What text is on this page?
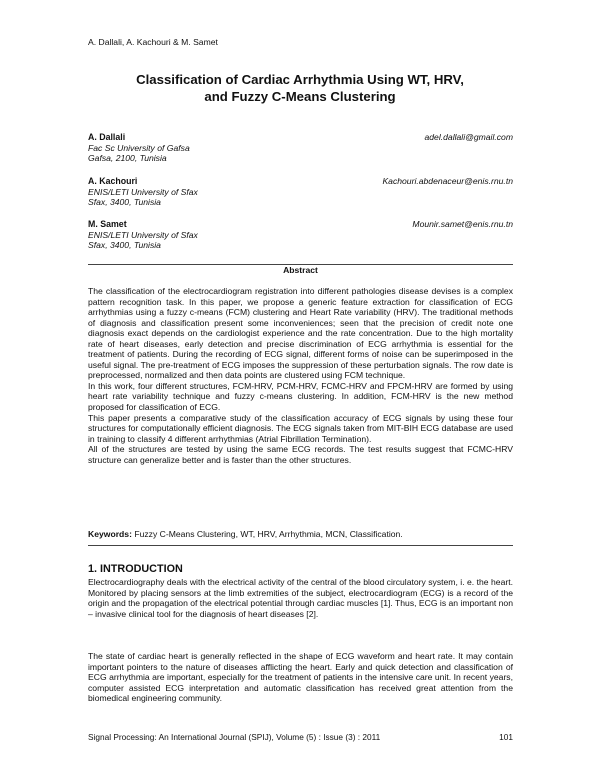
A. Dallali, A. Kachouri & M. Samet
Classification of Cardiac Arrhythmia Using WT, HRV,
and Fuzzy C-Means Clustering
A. Dallali	adel.dallali@gmail.com
Fac Sc University of Gafsa
Gafsa, 2100, Tunisia
A. Kachouri	Kachouri.abdenaceur@enis.rnu.tn
ENIS/LETI University of Sfax
Sfax, 3400, Tunisia
M. Samet	Mounir.samet@enis.rnu.tn
ENIS/LETI University of Sfax
Sfax, 3400, Tunisia
Abstract

The classification of the electrocardiogram registration into different pathologies disease devises is a complex pattern recognition task. In this paper, we propose a generic feature extraction for classification of ECG arrhythmias using a fuzzy c-means (FCM) clustering and Heart Rate variability (HRV). The traditional methods of diagnosis and classification present some inconveniences; seen that the precision of credit note one diagnosis exact depends on the cardiologist experience and the rate concentration. Due to the high mortality rate of heart diseases, early detection and precise discrimination of ECG arrhythmia is essential for the treatment of patients. During the recording of ECG signal, different forms of noise can be superimposed in the useful signal. The pre-treatment of ECG imposes the suppression of these perturbation signals. The row date is preprocessed, normalized and then data points are clustered using FCM technique.

In this work, four different structures, FCM-HRV, PCM-HRV, FCMC-HRV and FPCM-HRV are formed by using heart rate variability technique and fuzzy c-means clustering. In addition, FCM-HRV is the new method proposed for classification of ECG.

This paper presents a comparative study of the classification accuracy of ECG signals by using these four structures for computationally efficient diagnosis. The ECG signals taken from MIT-BIH ECG database are used in training to classify 4 different arrhythmias (Atrial Fibrillation Termination).

All of the structures are tested by using the same ECG records. The test results suggest that FCMC-HRV structure can generalize better and is faster than the other structures.

Keywords: Fuzzy C-Means Clustering, WT, HRV, Arrhythmia, MCN, Classification.
1. INTRODUCTION

Electrocardiography deals with the electrical activity of the central of the blood circulatory system, i. e. the heart. Monitored by placing sensors at the limb extremities of the subject, electrocardiogram (ECG) is a record of the origin and the propagation of the electrical potential through cardiac muscles [1]. Thus, ECG is an important non – invasive clinical tool for the diagnosis of heart diseases [2].

The state of cardiac heart is generally reflected in the shape of ECG waveform and heart rate. It may contain important pointers to the nature of diseases afflicting the heart. Early and quick detection and classification of ECG arrhythmia are important, especially for the treatment of patients in the intensive care unit. In recent years, computer assisted ECG interpretation and automatic classification has received great attention from the biomedical engineering community.

Signal Processing: An International Journal (SPIJ), Volume (5) : Issue (3) : 2011	101
